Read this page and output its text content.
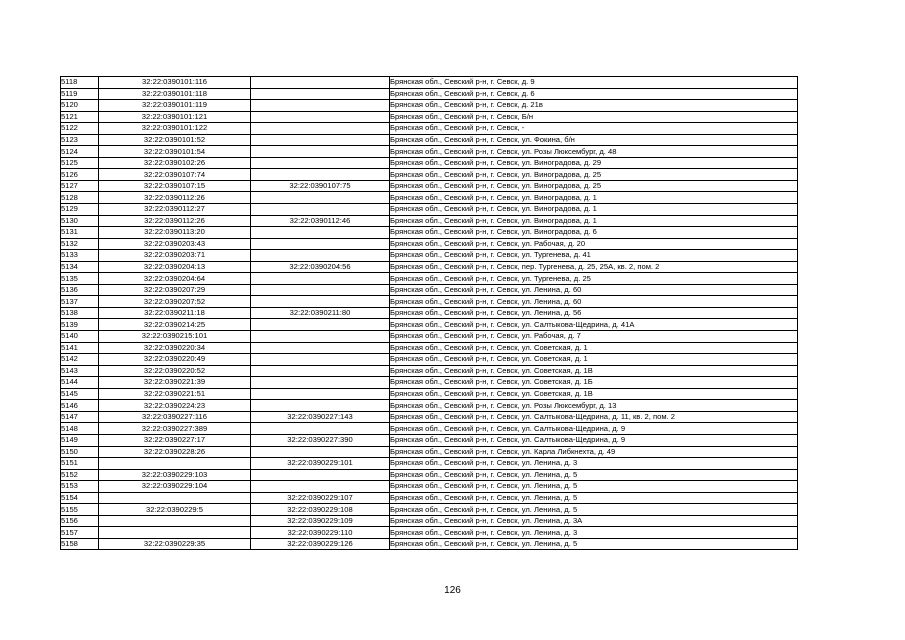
5118	32:22:0390101:116		Брянская обл., Севский р-н, г. Севск, д. 9
5119	32:22:0390101:118		Брянская обл., Севский р-н, г. Севск, д. 6
5120	32:22:0390101:119		Брянская обл., Севский р-н, г. Севск, д. 21в
5121	32:22:0390101:121		Брянская обл., Севский р-н, г. Севск, Б/н
5122	32:22:0390101:122		Брянская обл., Севский р-н, г. Севск, -
5123	32:22:0390101:52		Брянская обл., Севский р-н, г. Севск, ул. Фокина, б/н
5124	32:22:0390101:54		Брянская обл., Севский р-н, г. Севск, ул. Розы Люксембург, д. 48
5125	32:22:0390102:26		Брянская обл., Севский р-н, г. Севск, ул. Виноградова, д. 29
5126	32:22:0390107:74		Брянская обл., Севский р-н, г. Севск, ул. Виноградова, д. 25
5127	32:22:0390107:15	32:22:0390107:75	Брянская обл., Севский р-н, г. Севск, ул. Виноградова, д. 25
5128	32:22:0390112:26		Брянская обл., Севский р-н, г. Севск, ул. Виноградова, д. 1
5129	32:22:0390112:27		Брянская обл., Севский р-н, г. Севск, ул. Виноградова, д. 1
5130	32:22:0390112:26	32:22:0390112:46	Брянская обл., Севский р-н, г. Севск, ул. Виноградова, д. 1
5131	32:22:0390113:20		Брянская обл., Севский р-н, г. Севск, ул. Виноградова, д. 6
5132	32:22:0390203:43		Брянская обл., Севский р-н, г. Севск, ул. Рабочая, д. 20
5133	32:22:0390203:71		Брянская обл., Севский р-н, г. Севск, ул. Тургенева, д. 41
5134	32:22:0390204:13	32:22:0390204:56	Брянская обл., Севский р-н, г. Севск, пер. Тургенева, д. 25, 25А, кв. 2, пом. 2
5135	32:22:0390204:64		Брянская обл., Севский р-н, г. Севск, ул. Тургенева, д. 25
5136	32:22:0390207:29		Брянская обл., Севский р-н, г. Севск, ул. Ленина, д. 60
5137	32:22:0390207:52		Брянская обл., Севский р-н, г. Севск, ул. Ленина, д. 60
5138	32:22:0390211:18	32:22:0390211:80	Брянская обл., Севский р-н, г. Севск, ул. Ленина, д. 56
5139	32:22:0390214:25		Брянская обл., Севский р-н, г. Севск, ул. Салтыкова-Щедрина, д. 41А
5140	32:22:0390215:101		Брянская обл., Севский р-н, г. Севск, ул. Рабочая, д. 7
5141	32:22:0390220:34		Брянская обл., Севский р-н, г. Севск, ул. Советская, д. 1
5142	32:22:0390220:49		Брянская обл., Севский р-н, г. Севск, ул. Советская, д. 1
5143	32:22:0390220:52		Брянская обл., Севский р-н, г. Севск, ул. Советская, д. 1В
5144	32:22:0390221:39		Брянская обл., Севский р-н, г. Севск, ул. Советская, д. 1Б
5145	32:22:0390221:51		Брянская обл., Севский р-н, г. Севск, ул. Советская, д. 1В
5146	32:22:0390224:23		Брянская обл., Севский р-н, г. Севск, ул. Розы Люксембург, д. 13
5147	32:22:0390227:116	32:22:0390227:143	Брянская обл., Севский р-н, г. Севск, ул. Салтыкова-Щедрина, д. 11, кв. 2, пом. 2
5148	32:22:0390227:389		Брянская обл., Севский р-н, г. Севск, ул. Салтыкова-Щедрина, д. 9
5149	32:22:0390227:17	32:22:0390227:390	Брянская обл., Севский р-н, г. Севск, ул. Салтыкова-Щедрина, д. 9
5150	32:22:0390228:26		Брянская обл., Севский р-н, г. Севск, ул. Карла Либкнехта, д. 49
5151		32:22:0390229:101	Брянская обл., Севский р-н, г. Севск, ул. Ленина, д. 3
5152	32:22:0390229:103		Брянская обл., Севский р-н, г. Севск, ул. Ленина, д. 5
5153	32:22:0390229:104		Брянская обл., Севский р-н, г. Севск, ул. Ленина, д. 5
5154		32:22:0390229:107	Брянская обл., Севский р-н, г. Севск, ул. Ленина, д. 5
5155	32:22:0390229:5	32:22:0390229:108	Брянская обл., Севский р-н, г. Севск, ул. Ленина, д. 5
5156		32:22:0390229:109	Брянская обл., Севский р-н, г. Севск, ул. Ленина, д. 3А
5157		32:22:0390229:110	Брянская обл., Севский р-н, г. Севск, ул. Ленина, д. 3
5158	32:22:0390229:35	32:22:0390229:126	Брянская обл., Севский р-н, г. Севск, ул. Ленина, д. 5
126
